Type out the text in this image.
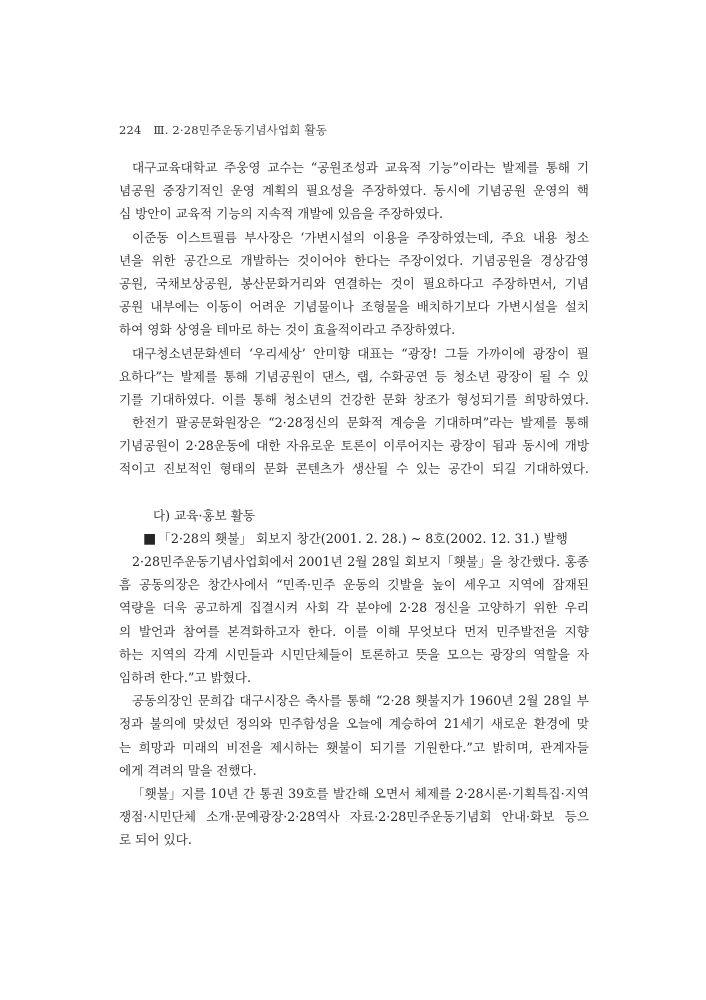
224 Ⅲ. 2·28민주운동기념사업회 활동
대구교육대학교 주웅영 교수는 “공원조성과 교육적 기능”이라는 발제를 통해 기
념공원 중장기적인 운영 계획의 필요성을 주장하였다. 동시에 기념공원 운영의 핵
심 방안이 교육적 기능의 지속적 개발에 있음을 주장하였다.
이준동 이스트필름 부사장은 ‘가변시설의 이용을 주장하였는데, 주요 내용 청소
년을 위한 공간으로 개발하는 것이어야 한다는 주장이었다. 기념공원을 경상감영
공원, 국채보상공원, 봉산문화거리와 연결하는 것이 필요하다고 주장하면서, 기념
공원 내부에는 이동이 어려운 기념물이나 조형물을 배치하기보다 가변시설을 설치
하여 영화 상영을 테마로 하는 것이 효율적이라고 주장하였다.
대구청소년문화센터 ‘우리세상’ 안미향 대표는 “광장! 그들 가까이에 광장이 필
요하다”는 발제를 통해 기념공원이 댄스, 랩, 수화공연 등 청소년 광장이 될 수 있
기를 기대하였다. 이를 통해 청소년의 건강한 문화 창조가 형성되기를 희망하였다.
한전기 팔공문화원장은 “2·28정신의 문화적 계승을 기대하며”라는 발제를 통해
기념공원이 2·28운동에 대한 자유로운 토론이 이루어지는 광장이 됨과 동시에 개방
적이고 진보적인 형태의 문화 콘텐츠가 생산될 수 있는 공간이 되길 기대하였다.
다) 교육·홍보 활동
■ 「2·28의 횃불」 회보지 창간(2001. 2. 28.) ~ 8호(2002. 12. 31.) 발행
2·28민주운동기념사업회에서 2001년 2월 28일 회보지「횃불」을 창간했다. 홍종
흠 공동의장은 창간사에서 “민족·민주 운동의 깃발을 높이 세우고 지역에 잠재된
역량을 더욱 공고하게 집결시켜 사회 각 분야에 2·28 정신을 고양하기 위한 우리
의 발언과 참여를 본격화하고자 한다. 이를 이해 무엇보다 먼저 민주발전을 지향
하는 지역의 각계 시민들과 시민단체들이 토론하고 뜻을 모으는 광장의 역할을 자
임하려 한다.”고 밝혔다.
공동의장인 문희갑 대구시장은 축사를 통해 “2·28 횃불지가 1960년 2월 28일 부
정과 불의에 맞섰던 정의와 민주함성을 오늘에 계승하여 21세기 새로운 환경에 맞
는 희망과 미래의 비전을 제시하는 횃불이 되기를 기원한다.”고 밝히며, 관계자들
에게 격려의 말을 전했다.
「횃불」지를 10년 간 통권 39호를 발간해 오면서 체제를 2·28시론·기획특집·지역
쟁점·시민단체 소개·문예광장·2·28역사 자료·2·28민주운동기념회 안내·화보 등으
로 되어 있다.
